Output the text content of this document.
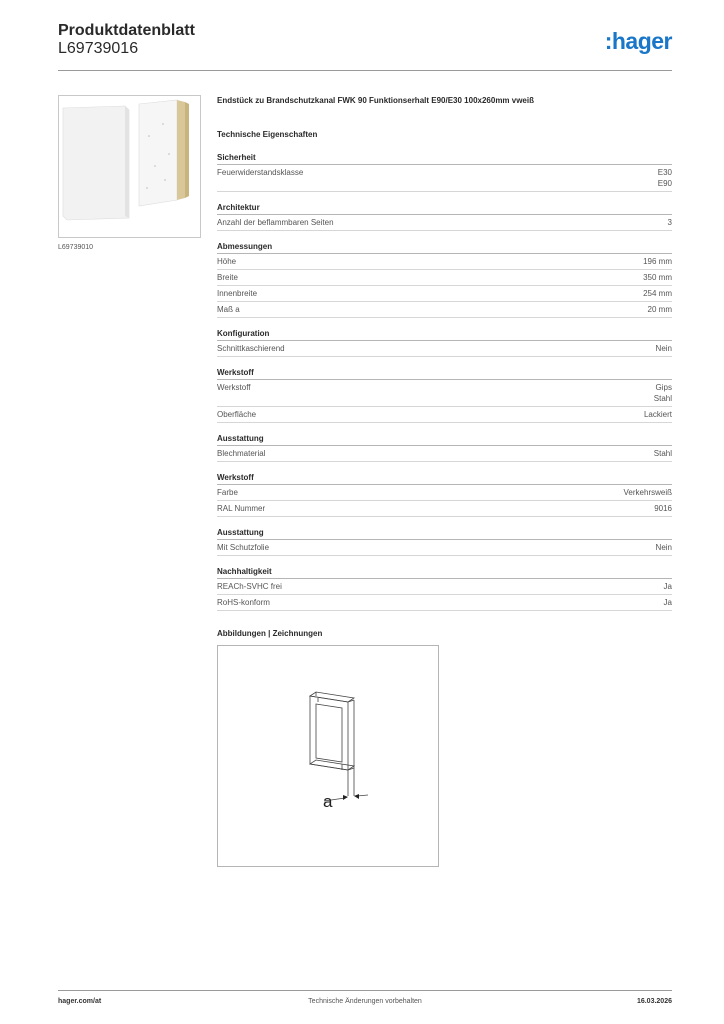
Produktdatenblatt
L69739016	:hager
L69739010
Endstück zu Brandschutzkanal FWK 90 Funktionserhalt E90/E30 100x260mm vweiß
Technische Eigenschaften
Sicherheit
Feuerwiderstandsklasse	E30
E90
Architektur
Anzahl der beflammbaren Seiten	3
Abmessungen
Höhe	196 mm
Breite	350 mm
Innenbreite	254 mm
Maß a	20 mm
Konfiguration
Schnittkaschierend	Nein
Werkstoff
Werkstoff	Gips
Stahl
Oberfläche	Lackiert
Ausstattung
Blechmaterial	Stahl
Werkstoff
Farbe	Verkehrsweiß
RAL Nummer	9016
Ausstattung
Mit Schutzfolie	Nein
Nachhaltigkeit
REACh-SVHC frei	Ja
RoHS-konform	Ja
Abbildungen | Zeichnungen
a
hager.com/at	Technische Änderungen vorbehalten	16.03.2026
